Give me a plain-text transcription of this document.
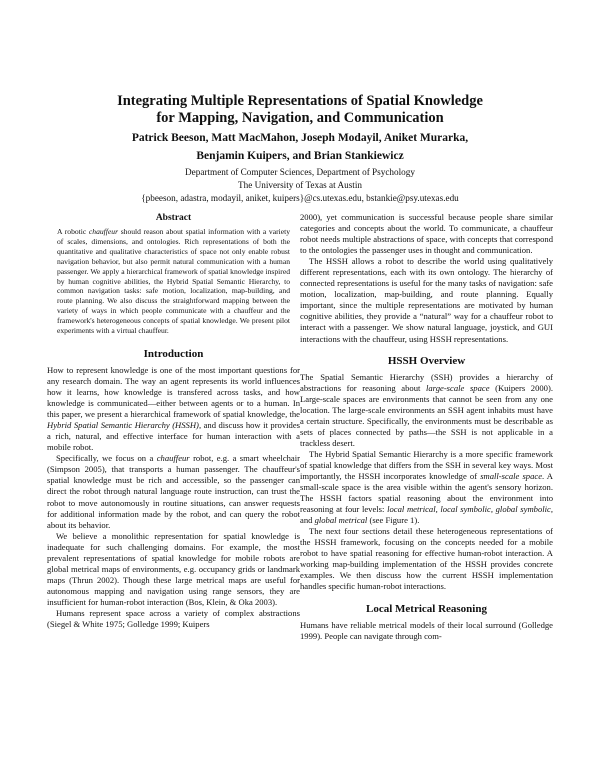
Integrating Multiple Representations of Spatial Knowledge
for Mapping, Navigation, and Communication
Patrick Beeson, Matt MacMahon, Joseph Modayil, Aniket Murarka,
Benjamin Kuipers, and Brian Stankiewicz
Department of Computer Sciences, Department of Psychology
The University of Texas at Austin
{pbeeson, adastra, modayil, aniket, kuipers}@cs.utexas.edu, bstankie@psy.utexas.edu
Abstract

A robotic chauffeur should reason about spatial information with a variety of scales, dimensions, and ontologies. Rich representations of both the quantitative and qualitative characteristics of space not only enable robust navigation behavior, but also permit natural communication with a human passenger. We apply a hierarchical framework of spatial knowledge inspired by human cognitive abilities, the Hybrid Spatial Semantic Hierarchy, to common navigation tasks: safe motion, localization, map-building, and route planning. We also discuss the straightforward mapping between the variety of ways in which people communicate with a chauffeur and the framework's heterogeneous concepts of spatial knowledge. We present pilot experiments with a virtual chauffeur.

Introduction

How to represent knowledge is one of the most important questions for any research domain. The way an agent represents its world influences how it learns, how knowledge is transfered across tasks, and how knowledge is communicated—either between agents or to a human. In this paper, we present a hierarchical framework of spatial knowledge, the Hybrid Spatial Semantic Hierarchy (HSSH), and discuss how it provides a rich, natural, and effective interface for human interaction with a mobile robot.

Specifically, we focus on a chauffeur robot, e.g. a smart wheelchair (Simpson 2005), that transports a human passenger. The chauffeur's spatial knowledge must be rich and accessible, so the passenger can direct the robot through natural language route instruction, can trust the robot to move autonomously in routine situations, can answer requests for additional information made by the robot, and can query the robot about its behavior.

We believe a monolithic representation for spatial knowledge is inadequate for such challenging domains. For example, the most prevalent representations of spatial knowledge for mobile robots are global metrical maps of environments, e.g. occupancy grids or landmark maps (Thrun 2002). Though these large metrical maps are useful for autonomous mapping and navigation using range sensors, they are insufficient for human-robot interaction (Bos, Klein, & Oka 2003).

Humans represent space across a variety of complex abstractions (Siegel & White 1975; Golledge 1999; Kuipers

2000), yet communication is successful because people share similar categories and concepts about the world. To communicate, a chauffeur robot needs multiple abstractions of space, with concepts that correspond to the ontologies the passenger uses in thought and communication.

The HSSH allows a robot to describe the world using qualitatively different representations, each with its own ontology. The hierarchy of connected representations is useful for the many tasks of navigation: safe motion, localization, map-building, and route planning. Equally important, since the multiple representations are motivated by human cognitive abilities, they provide a “natural” way for a chauffeur robot to interact with a passenger. We show natural language, joystick, and GUI interactions with the chauffeur, using HSSH representations.

HSSH Overview

The Spatial Semantic Hierarchy (SSH) provides a hierarchy of abstractions for reasoning about large-scale space (Kuipers 2000). Large-scale spaces are environments that cannot be seen from any one location. The large-scale environments an SSH agent inhabits must have a certain structure. Specifically, the environments must be describable as sets of places connected by paths—the SSH is not applicable in a trackless desert.

The Hybrid Spatial Semantic Hierarchy is a more specific framework of spatial knowledge that differs from the SSH in several key ways. Most importantly, the HSSH incorporates knowledge of small-scale space. A small-scale space is the area visible within the agent's sensory horizon. The HSSH factors spatial reasoning about the environment into reasoning at four levels: local metrical, local symbolic, global symbolic, and global metrical (see Figure 1).

The next four sections detail these heterogeneous representations of the HSSH framework, focusing on the concepts needed for a mobile robot to have spatial reasoning for effective human-robot interaction. A working map-building implementation of the HSSH provides concrete examples. We then discuss how the current HSSH implementation handles specific human-robot interactions.

Local Metrical Reasoning

Humans have reliable metrical models of their local surround (Golledge 1999). People can navigate through com-
